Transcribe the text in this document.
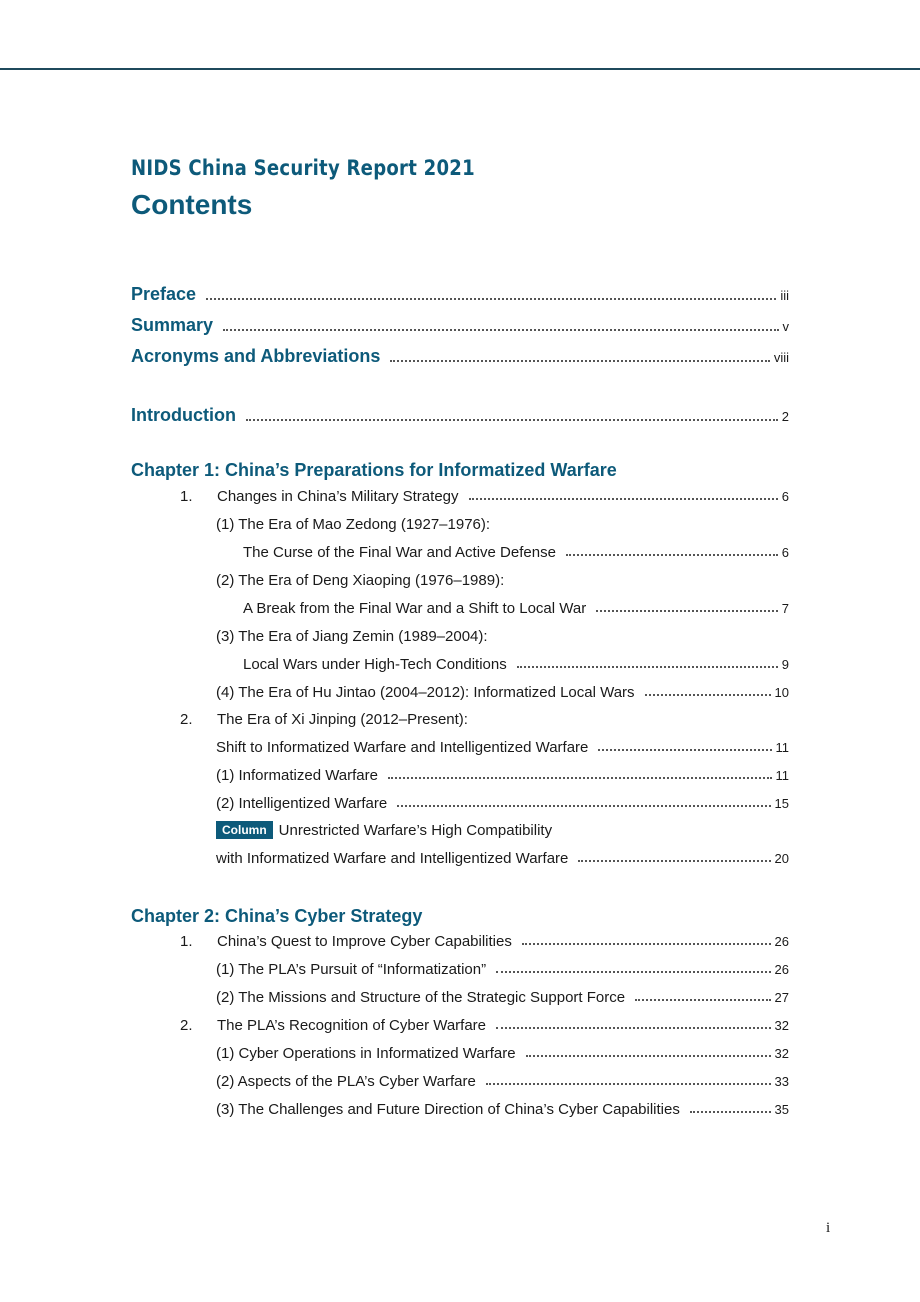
NIDS China Security Report 2021
Contents
Preface	iii
Summary	v
Acronyms and Abbreviations	viii
Introduction	2
Chapter 1: China’s Preparations for Informatized Warfare
1. Changes in China’s Military Strategy	6
(1) The Era of Mao Zedong (1927–1976):
The Curse of the Final War and Active Defense	6
(2) The Era of Deng Xiaoping (1976–1989):
A Break from the Final War and a Shift to Local War	7
(3) The Era of Jiang Zemin (1989–2004):
Local Wars under High-Tech Conditions	9
(4) The Era of Hu Jintao (2004–2012): Informatized Local Wars	10
2. The Era of Xi Jinping (2012–Present):
Shift to Informatized Warfare and Intelligentized Warfare	11
(1) Informatized Warfare	11
(2) Intelligentized Warfare	15
Column Unrestricted Warfare’s High Compatibility
with Informatized Warfare and Intelligentized Warfare	20
Chapter 2: China’s Cyber Strategy
1. China’s Quest to Improve Cyber Capabilities	26
(1) The PLA’s Pursuit of “Informatization”	26
(2) The Missions and Structure of the Strategic Support Force	27
2. The PLA’s Recognition of Cyber Warfare	32
(1) Cyber Operations in Informatized Warfare	32
(2) Aspects of the PLA’s Cyber Warfare	33
(3) The Challenges and Future Direction of China’s Cyber Capabilities	35
i
